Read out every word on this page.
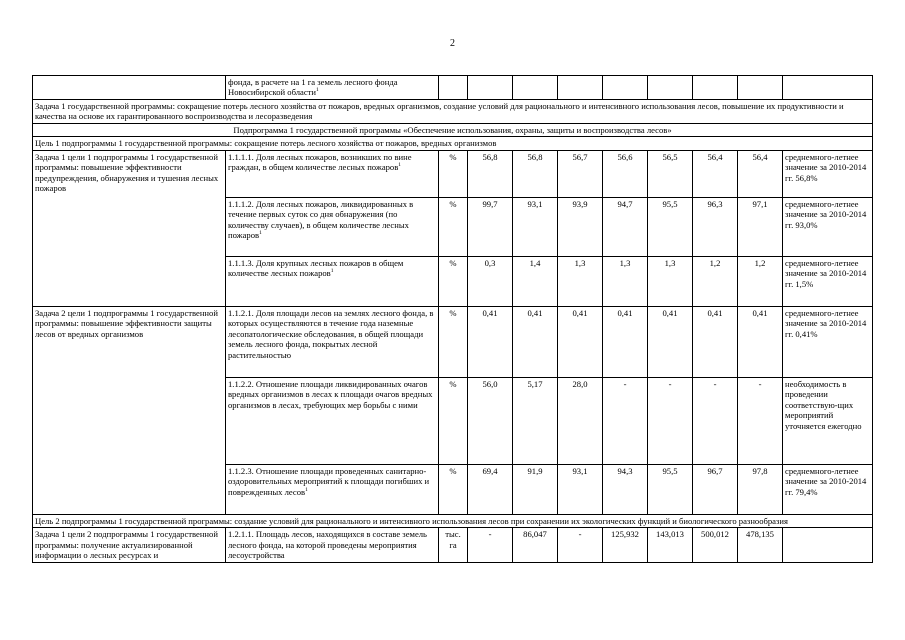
2
	фонда, в расчете на 1 га земель лесного фонда Новосибирской области$^1$									
Задача 1 государственной программы: сокращение потерь лесного хозяйства от пожаров, вредных организмов, создание условий для рационального и интенсивного использования лесов, повышение их продуктивности и качества на основе их гарантированного воспроизводства и лесоразведения										
Подпрограмма 1 государственной программы «Обеспечение использования, охраны, защиты и воспроизводства лесов»										
Цель 1 подпрограммы 1 государственной программы: сокращение потерь лесного хозяйства от пожаров, вредных организмов										
Задача 1 цели 1 подпрограммы 1 государственной программы: повышение эффективности предупреждения, обнаружения и тушения лесных пожаров	1.1.1.1. Доля лесных пожаров, возникших по вине граждан, в общем количестве лесных пожаров$^1$	%	56,8	56,8	56,7	56,6	56,5	56,4	56,4	среднемного-летнее значение за 2010-2014 гг. 56,8%
	1.1.1.2. Доля лесных пожаров, ликвидированных в течение первых суток со дня обнаружения (по количеству случаев), в общем количестве лесных пожаров$^1$	%	99,7	93,1	93,9	94,7	95,5	96,3	97,1	среднемного-летнее значение за 2010-2014 гг. 93,0%
	1.1.1.3. Доля крупных лесных пожаров в общем количестве лесных пожаров$^1$	%	0,3	1,4	1,3	1,3	1,3	1,2	1,2	среднемного-летнее значение за 2010-2014 гг. 1,5%
Задача 2 цели 1 подпрограммы 1 государственной программы: повышение эффективности защиты лесов от вредных организмов	1.1.2.1. Доля площади лесов на землях лесного фонда, в которых осуществляются в течение года наземные лесопатологические обследования, в общей площади земель лесного фонда, покрытых лесной растительностью	%	0,41	0,41	0,41	0,41	0,41	0,41	0,41	среднемного-летнее значение за 2010-2014 гг. 0,41%
	1.1.2.2. Отношение площади ликвидированных очагов вредных организмов в лесах к площади очагов вредных организмов в лесах, требующих мер борьбы с ними	%	56,0	5,17	28,0	-	-	-	-	необходимость в проведении соответствую-щих мероприятий уточняется ежегодно
	1.1.2.3. Отношение площади проведенных санитарно-оздоровительных мероприятий к площади погибших и поврежденных лесов$^1$	%	69,4	91,9	93,1	94,3	95,5	96,7	97,8	среднемного-летнее значение за 2010-2014 гг. 79,4%
Цель 2 подпрограммы 1 государственной программы: создание условий для рационального и интенсивного использования лесов при сохранении их экологических функций и биологического разнообразия										
Задача 1 цели 2 подпрограммы 1 государственной программы: получение актуализированной информации о лесных ресурсах и	1.2.1.1. Площадь лесов, находящихся в составе земель лесного фонда, на которой проведены мероприятия лесоустройства	тыс. га	-	86,047	-	125,932	143,013	500,012	478,135	
